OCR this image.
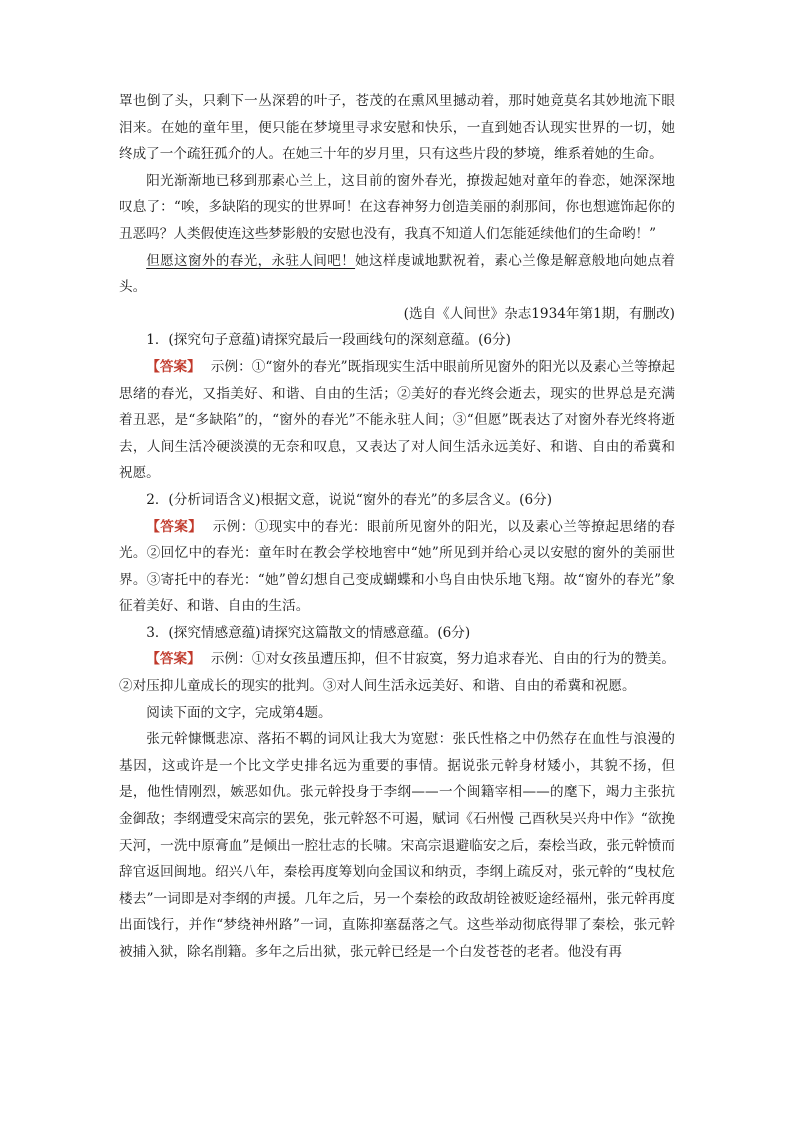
罩也倒了头，只剩下一丛深碧的叶子，苍茂的在熏风里撼动着，那时她竟莫名其妙地流下眼泪来。在她的童年里，便只能在梦境里寻求安慰和快乐，一直到她否认现实世界的一切，她终成了一个疏狂孤介的人。在她三十年的岁月里，只有这些片段的梦境，维系着她的生命。

阳光渐渐地已移到那素心兰上，这目前的窗外春光，撩拨起她对童年的眷恋，她深深地叹息了：“唉，多缺陷的现实的世界呵！在这春神努力创造美丽的刹那间，你也想遮饰起你的丑恶吗？人类假使连这些梦影般的安慰也没有，我真不知道人们怎能延续他们的生命哟！”

但愿这窗外的春光，永驻人间吧！她这样虔诚地默祝着，素心兰像是解意般地向她点着头。

(选自《人间世》杂志1934年第1期，有删改)

1．(探究句子意蕴)请探究最后一段画线句的深刻意蕴。(6分)

【答案】 示例：①“窗外的春光”既指现实生活中眼前所见窗外的阳光以及素心兰等撩起思绪的春光，又指美好、和谐、自由的生活；②美好的春光终会逝去，现实的世界总是充满着丑恶，是“多缺陷”的，“窗外的春光”不能永驻人间；③“但愿”既表达了对窗外春光终将逝去，人间生活冷硬淡漠的无奈和叹息，又表达了对人间生活永远美好、和谐、自由的希冀和祝愿。

2．(分析词语含义)根据文意，说说“窗外的春光”的多层含义。(6分)

【答案】 示例：①现实中的春光：眼前所见窗外的阳光，以及素心兰等撩起思绪的春光。②回忆中的春光：童年时在教会学校地窖中“她”所见到并给心灵以安慰的窗外的美丽世界。③寄托中的春光：“她”曾幻想自己变成蝴蝶和小鸟自由快乐地飞翔。故“窗外的春光”象征着美好、和谐、自由的生活。

3．(探究情感意蕴)请探究这篇散文的情感意蕴。(6分)

【答案】 示例：①对女孩虽遭压抑，但不甘寂寞，努力追求春光、自由的行为的赞美。②对压抑儿童成长的现实的批判。③对人间生活永远美好、和谐、自由的希冀和祝愿。

阅读下面的文字，完成第4题。

张元幹慷慨悲凉、落拓不羁的词风让我大为宽慰：张氏性格之中仍然存在血性与浪漫的基因，这或许是一个比文学史排名远为重要的事情。据说张元幹身材矮小，其貌不扬，但是，他性情刚烈，嫉恶如仇。张元幹投身于李纲——一个闽籍宰相——的麾下，竭力主张抗金御敌；李纲遭受宋高宗的罢免，张元幹怒不可遏，赋词《石州慢 己酉秋吴兴舟中作》“欲挽天河，一洗中原膏血”是倾出一腔壮志的长啸。宋高宗退避临安之后，秦桧当政，张元幹愤而辞官返回闽地。绍兴八年，秦桧再度筹划向金国议和纳贡，李纲上疏反对，张元幹的“曳杖危楼去”一词即是对李纲的声援。几年之后，另一个秦桧的政敌胡铨被贬途经福州，张元幹再度出面饯行，并作“梦绕神州路”一词，直陈抑塞磊落之气。这些举动彻底得罪了秦桧，张元幹被捕入狱，除名削籍。多年之后出狱，张元幹已经是一个白发苍苍的老者。他没有再
